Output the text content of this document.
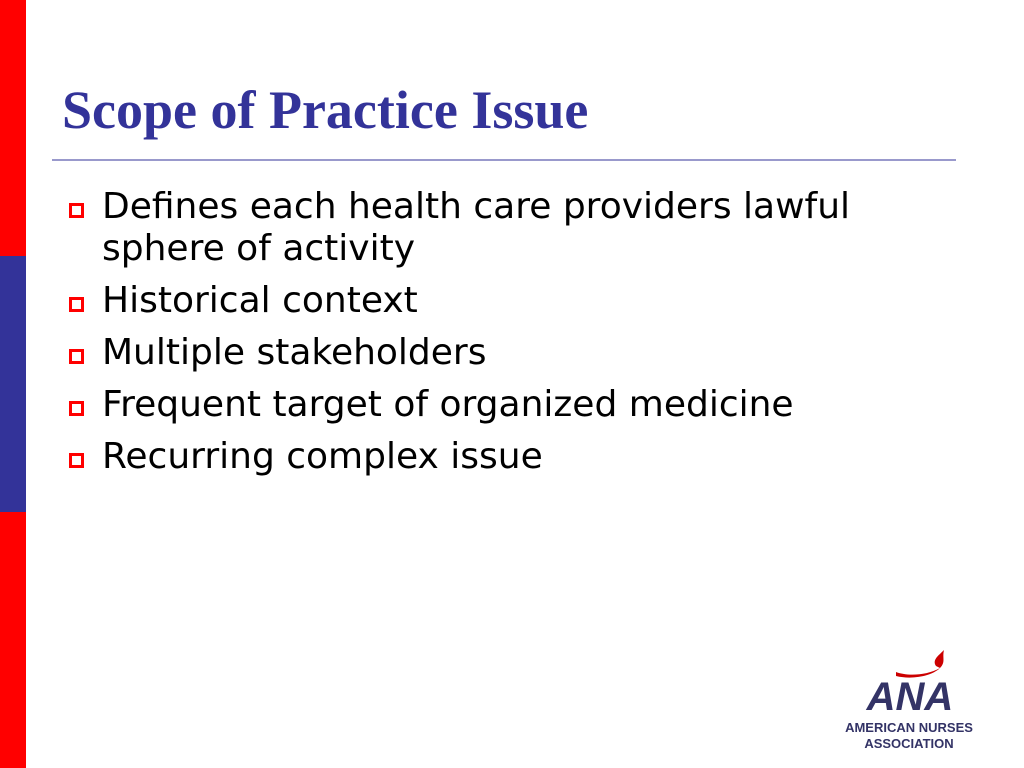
Scope of Practice Issue
Defines each health care providers lawful sphere of activity
Historical context
Multiple stakeholders
Frequent target of organized medicine
Recurring complex issue
ANA
AMERICAN NURSES
ASSOCIATION
